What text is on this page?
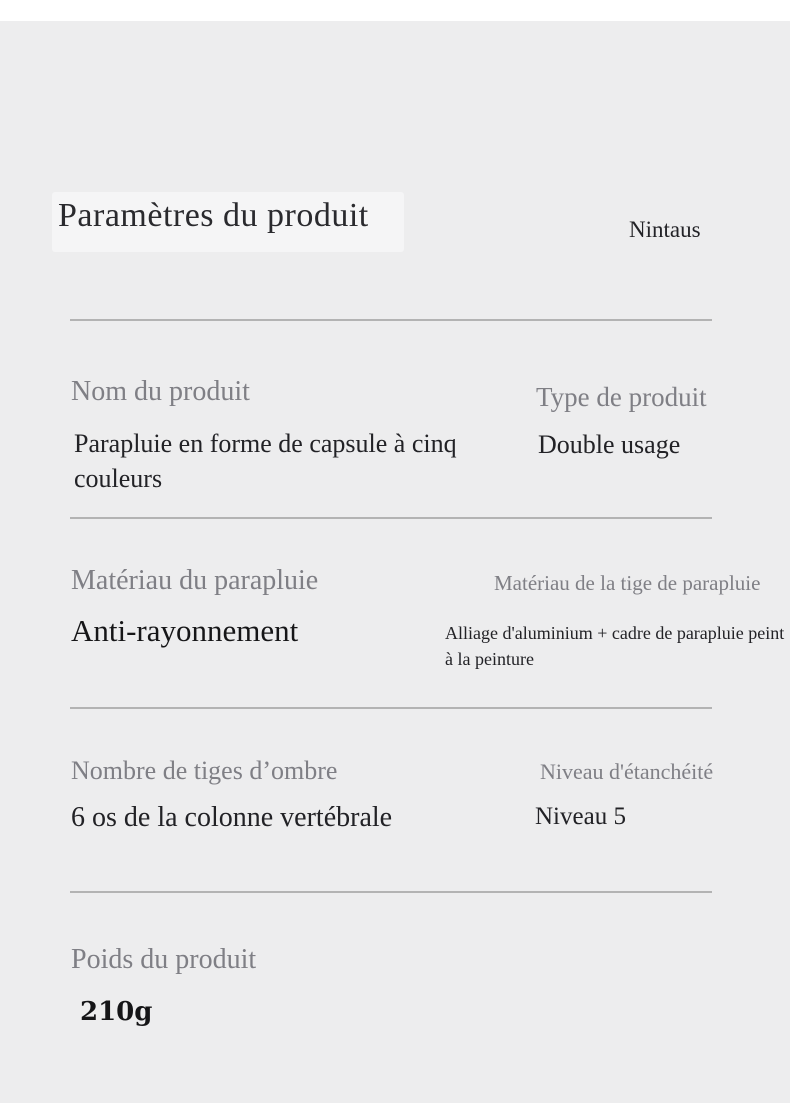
Paramètres du produit	Nintaus
Nom du produit
Parapluie en forme de capsule à cinq couleurs
Type de produit
Double usage
Matériau du parapluie
Anti-rayonnement
Matériau de la tige de parapluie
Alliage d'aluminium + cadre de parapluie peint à la peinture
Nombre de tiges d’ombre
6 os de la colonne vertébrale
Niveau d'étanchéité
Niveau 5
Poids du produit
210g
